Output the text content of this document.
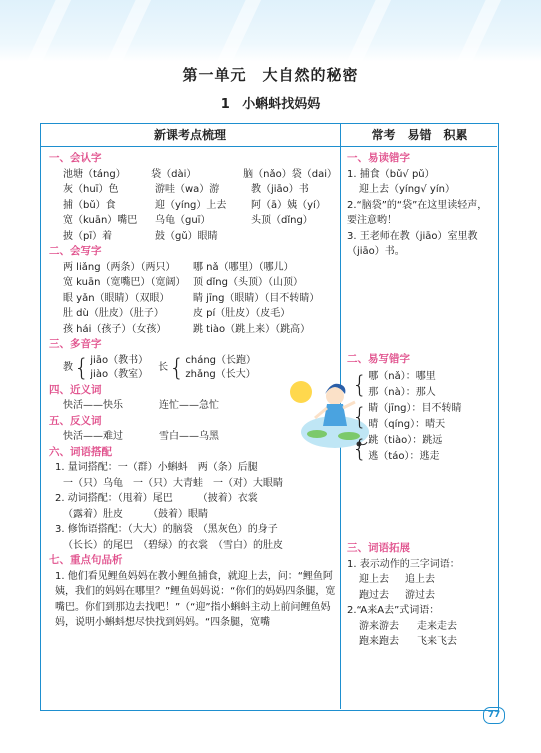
第一单元　大自然的秘密
1 小蝌蚪找妈妈
新课考点梳理	常考　易错　积累
一、会认字
池塘（táng）	袋（dài）	脑（nǎo）袋（dai）
灰（huī）色	游哇（wa）游	教（jiāo）书
捕（bǔ）食	迎（yíng）上去	阿（ā）姨（yí）
宽（kuān）嘴巴	乌龟（guī）	头顶（dǐng）
披（pī）着	鼓（gǔ）眼睛
二、会写字
两 liǎng（两条）（两只）	哪 nǎ（哪里）（哪儿）
宽 kuān（宽嘴巴）（宽阔） 顶 dǐng（头顶）（山顶）
眼 yǎn（眼睛）（双眼）	睛 jīng（眼睛）（目不转睛）
肚 dù（肚皮）（肚子）	皮 pí（肚皮）（皮毛）
孩 hái（孩子）（女孩）	跳 tiào（跳上来）（跳高）
三、多音字
教 { jiāo（教书）
jiào（教室）
长 { cháng（长跑）
zhǎng（长大）
四、近义词
快活——快乐	连忙——急忙
五、反义词
快活——难过	雪白——乌黑
六、词语搭配
1. 量词搭配：一（群）小蝌蚪　两（条）后腿
一（只）乌龟　一（只）大青蛙　一（对）大眼睛
2. 动词搭配：（甩着）尾巴　　　（披着）衣裳
（露着）肚皮　　　（鼓着）眼睛
3. 修饰语搭配：（大大）的脑袋　（黑灰色）的身子
（长长）的尾巴　（碧绿）的衣裳　（雪白）的肚皮
七、重点句品析
1. 他们看见鲤鱼妈妈在教小鲤鱼捕食，就迎上去，问：“鲤鱼阿姨，我们的妈妈在哪里？”鲤鱼妈妈说：“你们的妈妈四条腿，宽嘴巴。你们到那边去找吧！”（“迎”指小蝌蚪主动上前问鲤鱼妈妈，说明小蝌蚪想尽快找到妈妈。“四条腿，宽嘴
一、易读错字
1. 捕食（bǔ√ pǔ）
迎上去（yíng√ yín）
2.“脑袋”的“袋”在这里读轻声，要注意哟！
3. 王老师在教（jiāo）室里教（jiāo）书。
二、易写错字
{ 哪（nǎ）：哪里
那（nà）：那人
{ 睛（jīng）：目不转睛
晴（qíng）：晴天
{ 跳（tiào）：跳远
逃（táo）：逃走
三、词语拓展
1. 表示动作的三字词语：
迎上去	追上去
跑过去	游过去
2.“A来A去”式词语：
游来游去	走来走去
跑来跑去	飞来飞去
77
